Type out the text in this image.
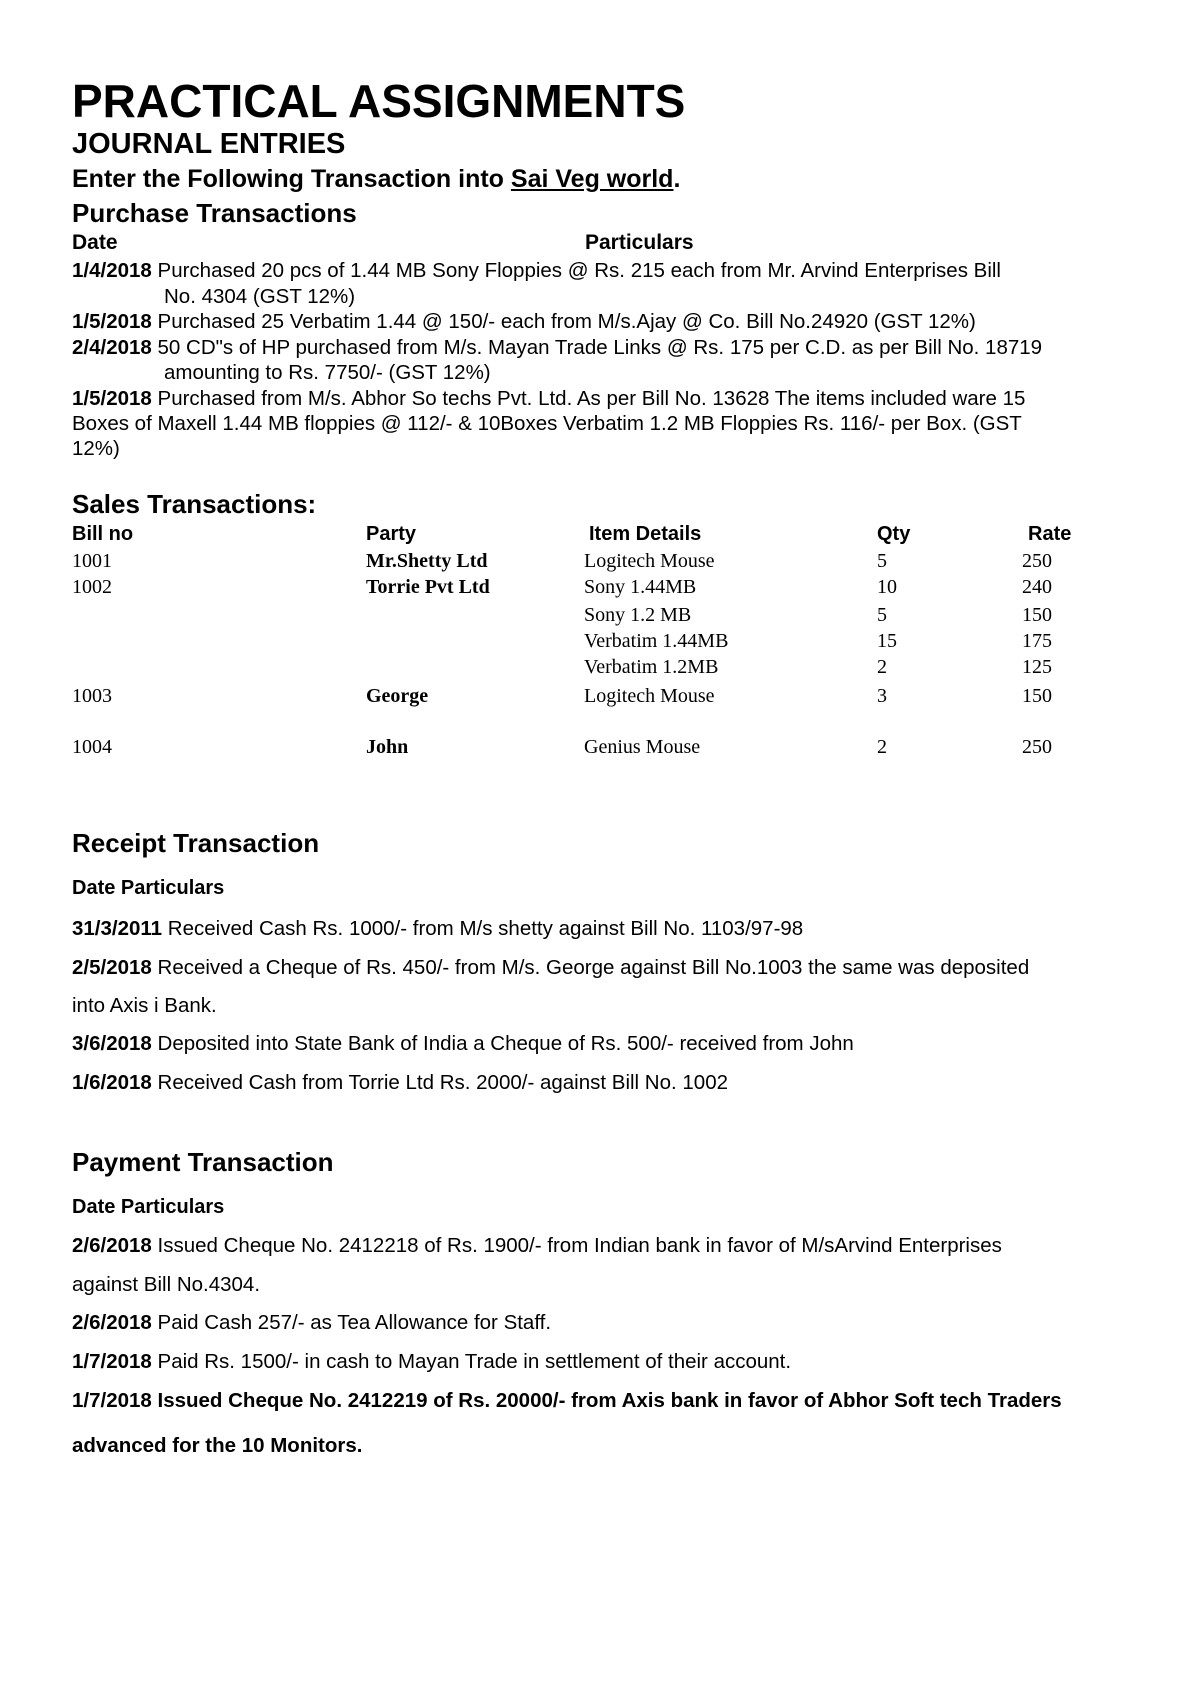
PRACTICAL ASSIGNMENTS
JOURNAL ENTRIES
Enter the Following Transaction into Sai Veg world.
Purchase Transactions
Date	Particulars
1/4/2018 Purchased 20 pcs of 1.44 MB Sony Floppies @ Rs. 215 each from Mr. Arvind Enterprises Bill
No. 4304 (GST 12%)
1/5/2018 Purchased 25 Verbatim 1.44 @ 150/- each from M/s.Ajay @ Co. Bill No.24920 (GST 12%)
2/4/2018 50 CD"s of HP purchased from M/s. Mayan Trade Links @ Rs. 175 per C.D. as per Bill No. 18719
amounting to Rs. 7750/- (GST 12%)
1/5/2018 Purchased from M/s. Abhor So techs Pvt. Ltd. As per Bill No. 13628 The items included ware 15
Boxes of Maxell 1.44 MB floppies @ 112/- & 10Boxes Verbatim 1.2 MB Floppies Rs. 116/- per Box. (GST
12%)
Sales Transactions:
Bill no	Party	Item Details	Qty	Rate
1001	Mr.Shetty Ltd	Logitech Mouse	5	250
1002	Torrie Pvt Ltd	Sony 1.44MB	10	240
Sony 1.2 MB	5	150
Verbatim 1.44MB	15	175
Verbatim 1.2MB	2	125
1003	George	Logitech Mouse	3	150
1004	John	Genius Mouse	2	250
Receipt Transaction
Date Particulars
31/3/2011 Received Cash Rs. 1000/- from M/s shetty against Bill No. 1103/97-98
2/5/2018 Received a Cheque of Rs. 450/- from M/s. George against Bill No.1003 the same was deposited
into Axis i Bank.
3/6/2018 Deposited into State Bank of India a Cheque of Rs. 500/- received from John
1/6/2018 Received Cash from Torrie Ltd Rs. 2000/- against Bill No. 1002
Payment Transaction
Date Particulars
2/6/2018 Issued Cheque No. 2412218 of Rs. 1900/- from Indian bank in favor of M/sArvind Enterprises
against Bill No.4304.
2/6/2018 Paid Cash 257/- as Tea Allowance for Staff.
1/7/2018 Paid Rs. 1500/- in cash to Mayan Trade in settlement of their account.
1/7/2018 Issued Cheque No. 2412219 of Rs. 20000/- from Axis bank in favor of Abhor Soft tech Traders
advanced for the 10 Monitors.
